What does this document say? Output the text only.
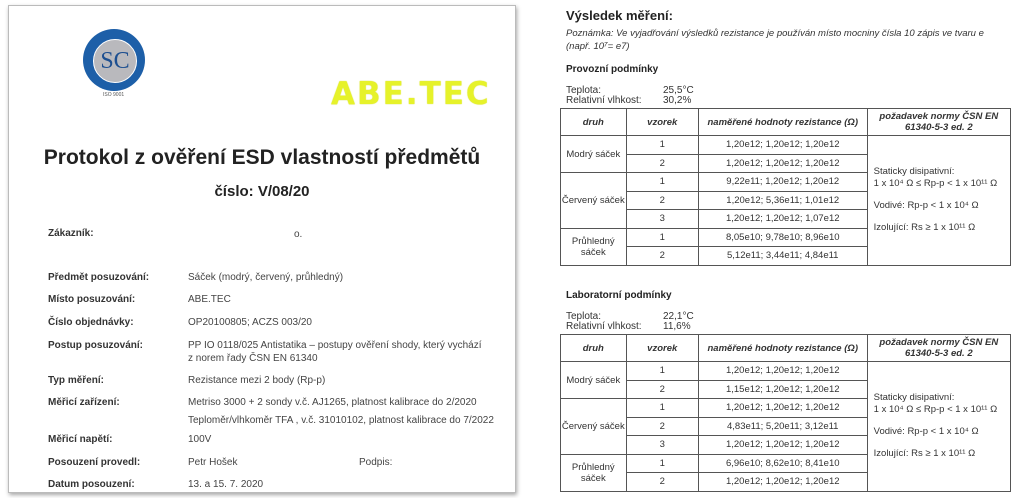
SC
ISO 9001	ABE.TEC
Protokol z ověření ESD vlastností předmětů
číslo: V/08/20
Zákazník:	o.
Předmět posuzování:	Sáček (modrý, červený, průhledný)
Místo posuzování:	ABE.TEC
Číslo objednávky:	OP20100805; ACZS 003/20
Postup posuzování:	PP IO 0118/025 Antistatika – postupy ověření shody, který vychází
z norem řady ČSN EN 61340
Typ měření:	Rezistance mezi 2 body (Rp-p)
Měřicí zařízení:	Metriso 3000 + 2 sondy v.č. AJ1265, platnost kalibrace do 2/2020
Teploměr/vlhkoměr TFA , v.č. 31010102, platnost kalibrace do 7/2022
Měřicí napětí:	100V
Posouzení provedl:	Petr Hošek	Podpis:
Datum posouzení:	13. a 15. 7. 2020
Výsledek měření:
Poznámka: Ve vyjadřování výsledků rezistance je používán místo mocniny čísla 10 zápis ve tvaru e
(např. 10⁷= e7)
Provozní podmínky
Teplota:	25,5°C
Relativní vlhkost: 30,2%
druh	vzorek	naměřené hodnoty rezistance (Ω)	požadavek normy ČSN EN 61340-5-3 ed. 2
Modrý sáček	1	1,20e12; 1,20e12; 1,20e12	Staticky disipativní:
1 x 10⁴ Ω ≤ Rp-p < 1 x 10¹¹ Ω
Vodivé: Rp-p < 1 x 10⁴ Ω
Izolující: Rs ≥ 1 x 10¹¹ Ω

	2	1,20e12; 1,20e12; 1,20e12	
Červený sáček	1	9,22e11; 1,20e12; 1,20e12	
	2	1,20e12; 5,36e11; 1,01e12	
	3	1,20e12; 1,20e12; 1,07e12	
Průhledný sáček	1	8,05e10; 9,78e10; 8,96e10	
	2	5,12e11; 3,44e11; 4,84e11	
Laboratorní podmínky
Teplota:	22,1°C
Relativní vlhkost: 11,6%
druh	vzorek	naměřené hodnoty rezistance (Ω)	požadavek normy ČSN EN 61340-5-3 ed. 2
Modrý sáček	1	1,20e12; 1,20e12; 1,20e12	Staticky disipativní:
1 x 10⁴ Ω ≤ Rp-p < 1 x 10¹¹ Ω
Vodivé: Rp-p < 1 x 10⁴ Ω
Izolující: Rs ≥ 1 x 10¹¹ Ω

	2	1,15e12; 1,20e12; 1,20e12	
Červený sáček	1	1,20e12; 1,20e12; 1,20e12	
	2	4,83e11; 5,20e11; 3,12e11	
	3	1,20e12; 1,20e12; 1,20e12	
Průhledný sáček	1	6,96e10; 8,62e10; 8,41e10	
	2	1,20e12; 1,20e12; 1,20e12	
